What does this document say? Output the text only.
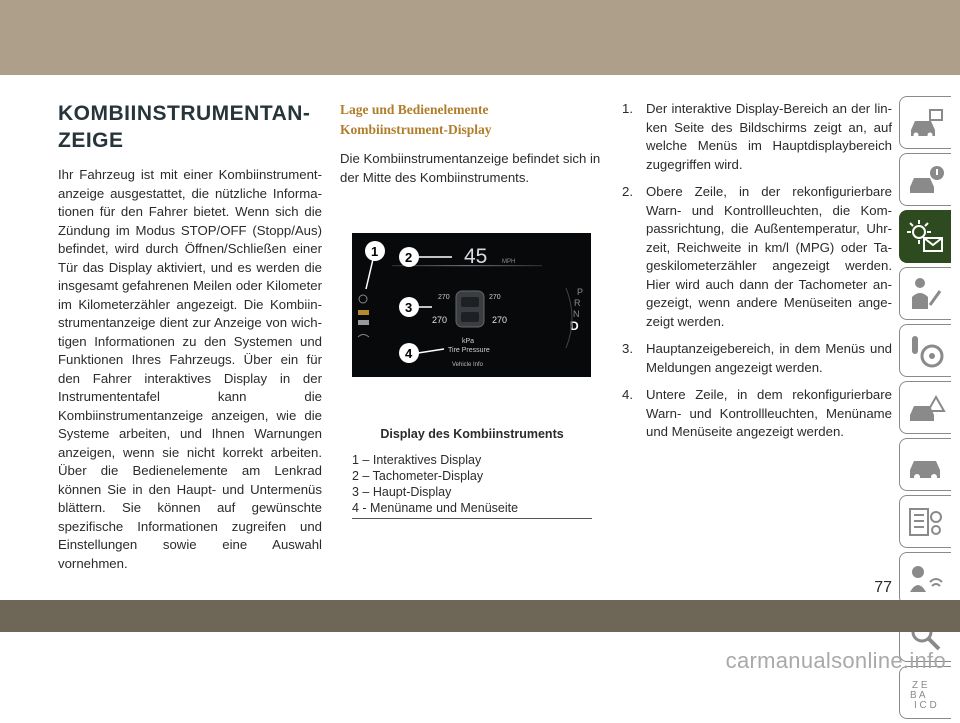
KOMBIINSTRUMENTAN-
ZEIGE

Ihr Fahrzeug ist mit einer Kombiinstrumentanzeige ausgestattet, die nützliche Informationen für den Fahrer bietet. Wenn sich die Zündung im Modus STOP/OFF (Stopp/Aus) befindet, wird durch Öffnen/Schließen einer Tür das Display aktiviert, und es werden die insgesamt gefahrenen Meilen oder Kilometer im Kilometerzähler angezeigt. Die Kombiinstrumentanzeige dient zur Anzeige von wichtigen Informationen zu den Systemen und Funktionen Ihres Fahrzeugs. Über ein für den Fahrer interaktives Display in der Instrumententafel kann die Kombiinstrumentanzeige anzeigen, wie die Systeme arbeiten, und Ihnen Warnungen anzeigen, wenn sie nicht korrekt arbeiten. Über die Bedienelemente am Lenkrad können Sie in den Haupt- und Untermenüs blättern. Sie können auf gewünschte spezifische Informationen zugreifen und Einstellungen sowie eine Auswahl vornehmen.

Lage und Bedienelemente
Kombiinstrument-Display

Die Kombiinstrumentanzeige befindet sich in der Mitte des Kombiinstruments.

45 MPH
270	270
270	270
kPa
Tire Pressure
Vehicle Info
P
R
N
D
1 2
3
4
Display des Kombiinstruments
1 – Interaktives Display
2 – Tachometer-Display
3 – Haupt-Display
4 - Menüname und Menüseite
1. Der interaktive Display-Bereich an der linken Seite des Bildschirms zeigt an, auf welche Menüs im Hauptdisplaybereich zugegriffen wird.
2. Obere Zeile, in der rekonfigurierbare Warn- und Kontrollleuchten, die Kompassrichtung, die Außentemperatur, Uhrzeit, Reichweite in km/l (MPG) oder Tageskilometerzähler angezeigt werden. Hier wird auch dann der Tachometer angezeigt, wenn andere Menüseiten angezeigt werden.
3. Hauptanzeigebereich, in dem Menüs und Meldungen angezeigt werden.
4. Untere Zeile, in dem rekonfigurierbare Warn- und Kontrollleuchten, Menüname und Menüseite angezeigt werden.
Z E
B A
I C D
77
carmanualsonline.info
